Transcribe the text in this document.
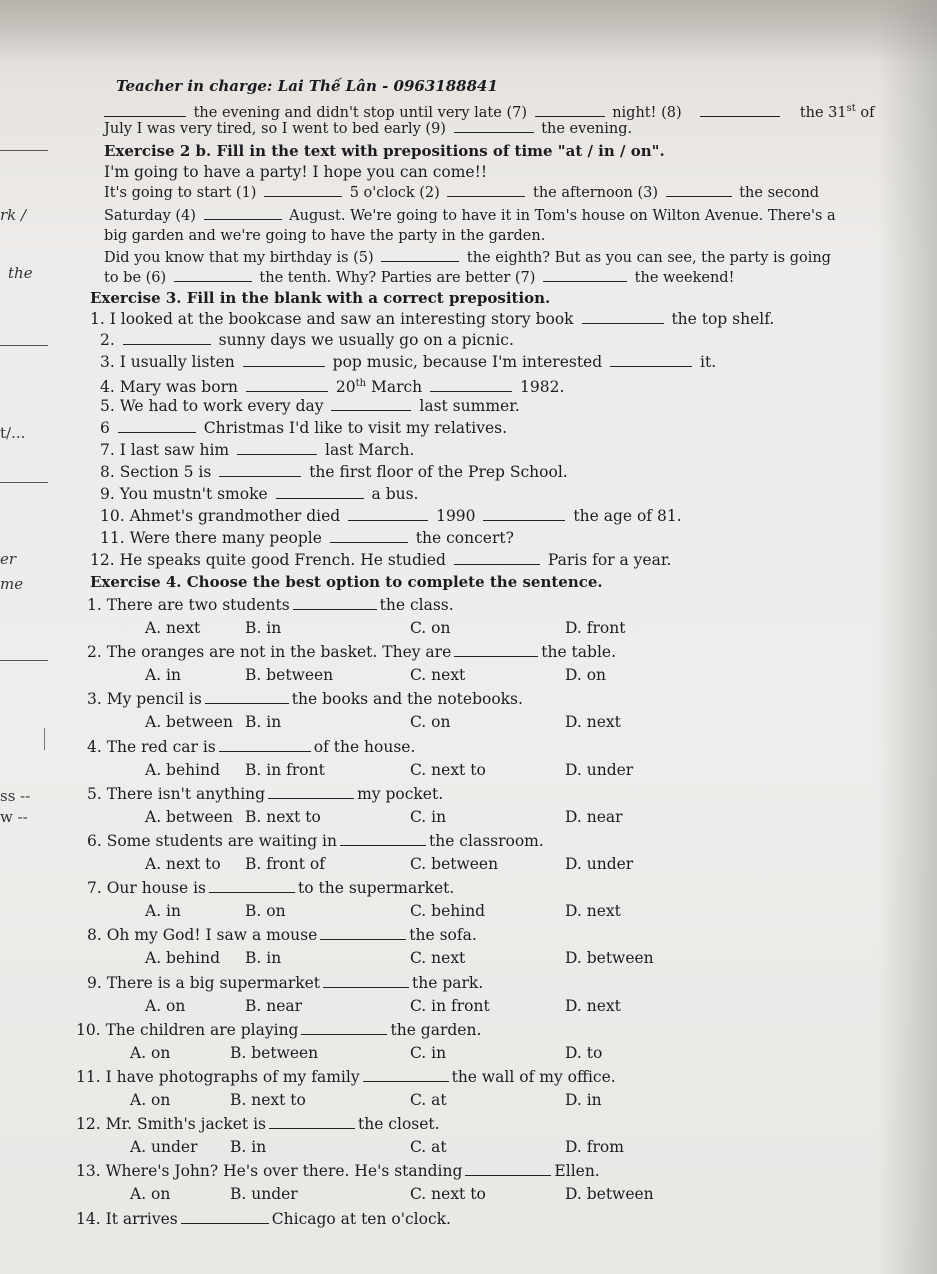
rk /
the
t/...
er
me
ss --
w --
Teacher in charge: Lai Thế Lân - 0963188841
the evening and didn't stop until very late (7)	night! (8)	the 31st of
July I was very tired, so I went to bed early (9)	the evening.
Exercise 2 b. Fill in the text with prepositions of time "at / in / on".
I'm going to have a party! I hope you can come!!
It's going to start (1)	5 o'clock (2)	the afternoon (3)	the second
Saturday (4)	August. We're going to have it in Tom's house on Wilton Avenue. There's a
big garden and we're going to have the party in the garden.
Did you know that my birthday is (5)	the eighth? But as you can see, the party is going
to be (6)	the tenth. Why? Parties are better (7)	the weekend!
Exercise 3. Fill in the blank with a correct preposition.
1. I looked at the bookcase and saw an interesting story book	the top shelf.
2.	sunny days we usually go on a picnic.
3. I usually listen	pop music, because I'm interested	it.
4. Mary was born	20th March	1982.
5. We had to work every day	last summer.
6	Christmas I'd like to visit my relatives.
7. I last saw him	last March.
8. Section 5 is	the first floor of the Prep School.
9. You mustn't smoke	a bus.
10. Ahmet's grandmother died	1990	the age of 81.
11. Were there many people	the concert?
12. He speaks quite good French. He studied	Paris for a year.
Exercise 4. Choose the best option to complete the sentence.
1. There are two students	the class.
A. next	B. in	C. on	D. front
2. The oranges are not in the basket. They are	the table.
A. in	B. between	C. next	D. on
3. My pencil is	the books and the notebooks.
A. between B. in	C. on	D. next
4. The red car is	of the house.
A. behind B. in front	C. next to	D. under
5. There isn't anything	my pocket.
A. between B. next to	C. in	D. near
6. Some students are waiting in	the classroom.
A. next to B. front of	C. between	D. under
7. Our house is	to the supermarket.
A. in	B. on	C. behind	D. next
8. Oh my God! I saw a mouse	the sofa.
A. behind B. in	C. next	D. between
9. There is a big supermarket	the park.
A. on	B. near	C. in front	D. next
10. The children are playing	the garden.
A. on	B. between	C. in	D. to
11. I have photographs of my family	the wall of my office.
A. on	B. next to	C. at	D. in
12. Mr. Smith's jacket is	the closet.
A. under B. in	C. at	D. from
13. Where's John? He's over there. He's standing	Ellen.
A. on	B. under	C. next to	D. between
14. It arrives	Chicago at ten o'clock.
